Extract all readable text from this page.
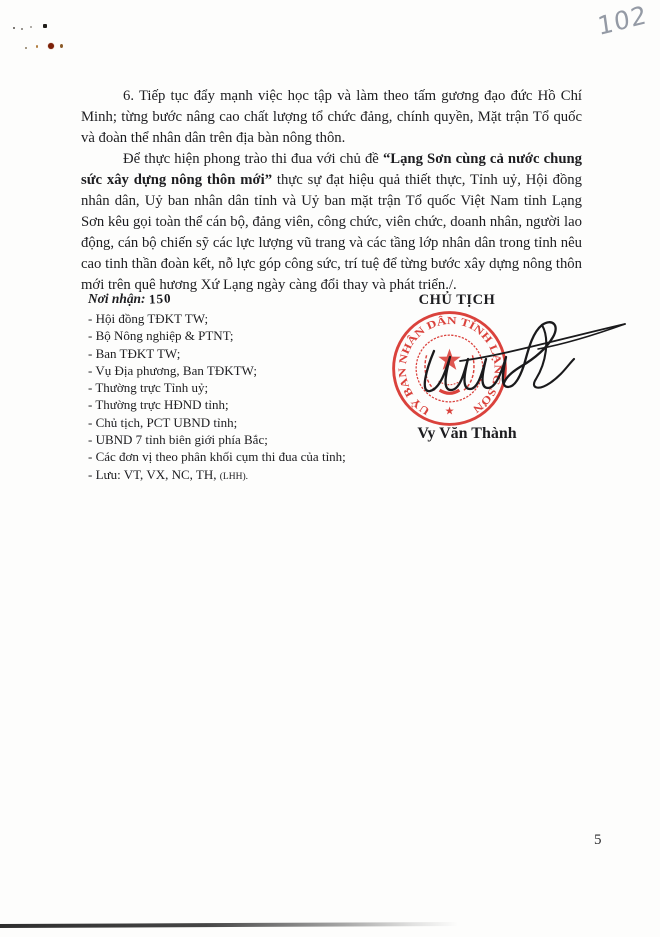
102

6. Tiếp tục đẩy mạnh việc học tập và làm theo tấm gương đạo đức Hồ Chí Minh; từng bước nâng cao chất lượng tổ chức đảng, chính quyền, Mặt trận Tổ quốc và đoàn thể nhân dân trên địa bàn nông thôn.

Để thực hiện phong trào thi đua với chủ đề “Lạng Sơn cùng cả nước chung sức xây dựng nông thôn mới” thực sự đạt hiệu quả thiết thực, Tỉnh uỷ, Hội đồng nhân dân, Uỷ ban nhân dân tỉnh và Uỷ ban mặt trận Tổ quốc Việt Nam tỉnh Lạng Sơn kêu gọi toàn thể cán bộ, đảng viên, công chức, viên chức, doanh nhân, người lao động, cán bộ chiến sỹ các lực lượng vũ trang và các tầng lớp nhân dân trong tỉnh nêu cao tinh thần đoàn kết, nỗ lực góp công sức, trí tuệ để từng bước xây dựng nông thôn mới trên quê hương Xứ Lạng ngày càng đổi thay và phát triển./.

Nơi nhận: 150
- Hội đồng TĐKT TW;
- Bộ Nông nghiệp & PTNT;
- Ban TĐKT TW;
- Vụ Địa phương, Ban TĐKTW;
- Thường trực Tỉnh uỷ;
- Thường trực HĐND tỉnh;
- Chủ tịch, PCT UBND tỉnh;
- UBND 7 tỉnh biên giới phía Bắc;
- Các đơn vị theo phân khối cụm thi đua của tỉnh;
- Lưu: VT, VX, NC, TH, (LHH).
CHỦ TỊCH
UỶ BAN NHÂN DÂN TỈNH LẠNG SƠN
★
Vy Văn Thành
5
